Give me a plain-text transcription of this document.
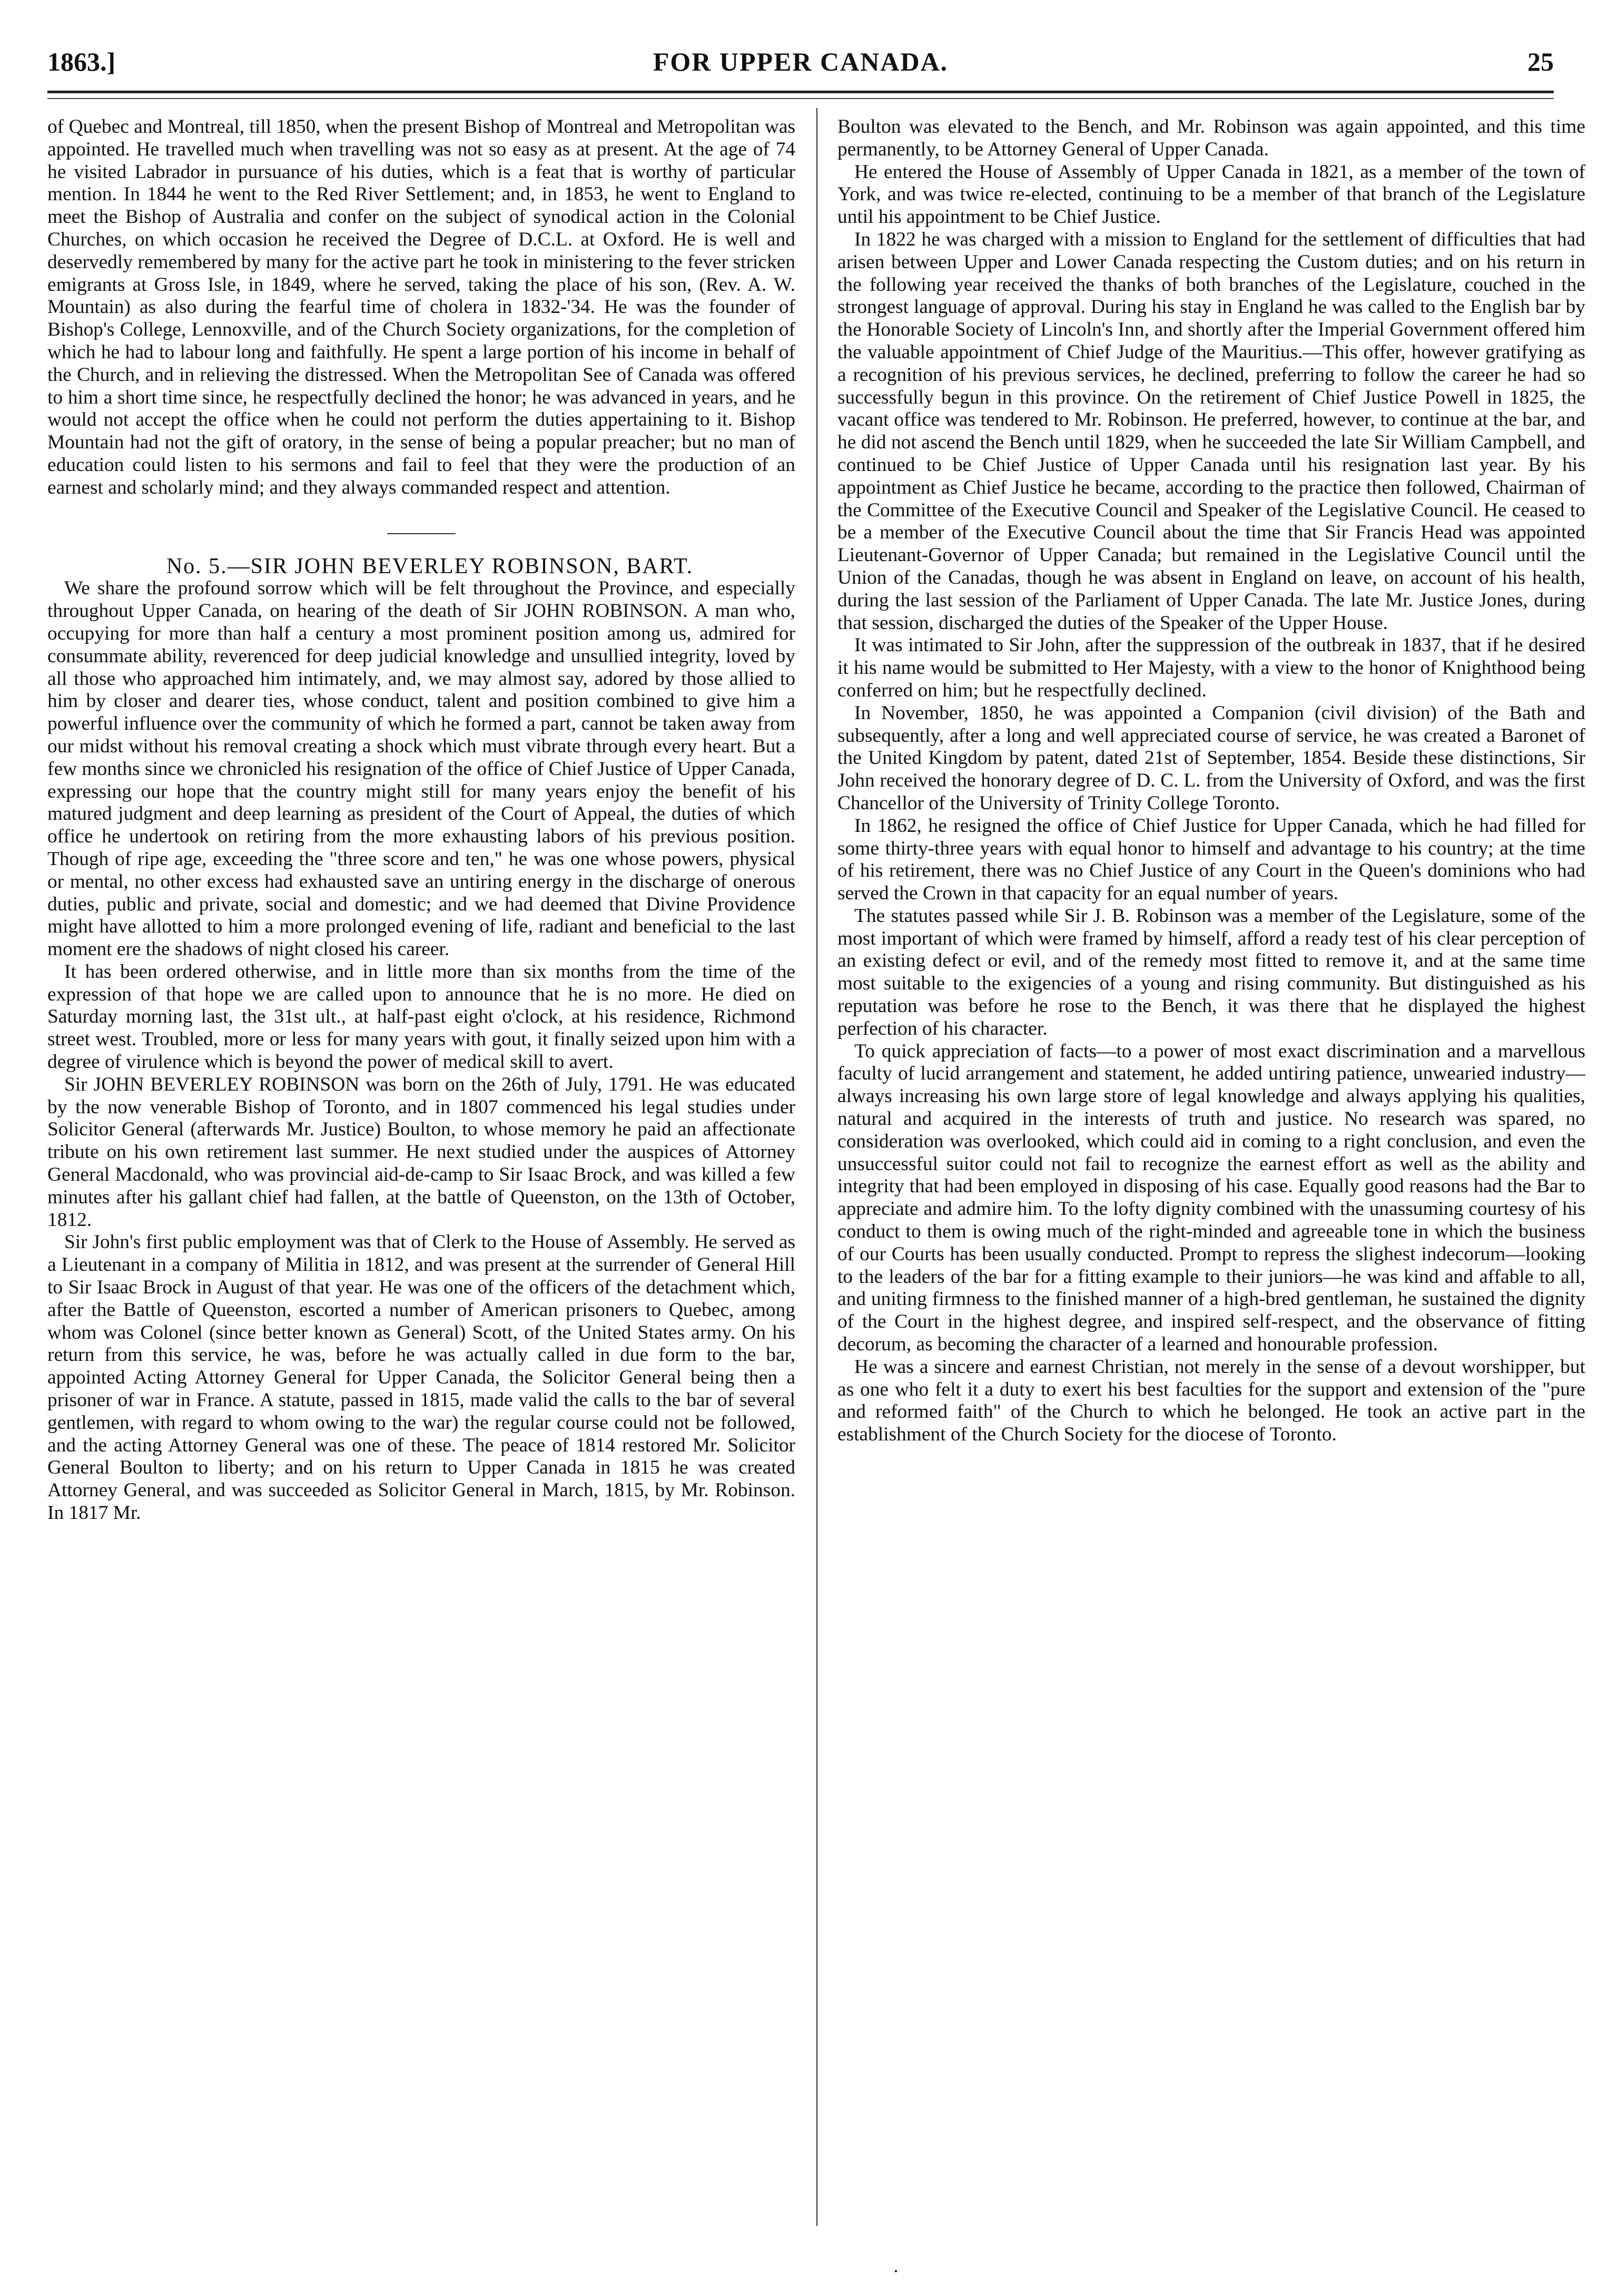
1863.]	FOR UPPER CANADA.	25

of Quebec and Montreal, till 1850, when the present Bishop of Montreal and Metropolitan was appointed. He travelled much when travelling was not so easy as at present. At the age of 74 he visited Labrador in pursuance of his duties, which is a feat that is worthy of particular mention. In 1844 he went to the Red River Settlement; and, in 1853, he went to England to meet the Bishop of Australia and confer on the subject of synodical action in the Colonial Churches, on which occasion he received the Degree of D.C.L. at Oxford. He is well and deservedly remembered by many for the active part he took in ministering to the fever stricken emigrants at Gross Isle, in 1849, where he served, taking the place of his son, (Rev. A. W. Mountain) as also during the fearful time of cholera in 1832-'34. He was the founder of Bishop's College, Lennoxville, and of the Church Society organizations, for the completion of which he had to labour long and faithfully. He spent a large portion of his income in behalf of the Church, and in relieving the distressed. When the Metropolitan See of Canada was offered to him a short time since, he respectfully declined the honor; he was advanced in years, and he would not accept the office when he could not perform the duties appertaining to it. Bishop Mountain had not the gift of oratory, in the sense of being a popular preacher; but no man of education could listen to his sermons and fail to feel that they were the production of an earnest and scholarly mind; and they always commanded respect and attention.

No. 5.—SIR JOHN BEVERLEY ROBINSON, BART.

We share the profound sorrow which will be felt throughout the Province, and especially throughout Upper Canada, on hearing of the death of Sir JOHN ROBINSON. A man who, occupying for more than half a century a most prominent position among us, admired for consummate ability, reverenced for deep judicial knowledge and unsullied integrity, loved by all those who approached him intimately, and, we may almost say, adored by those allied to him by closer and dearer ties, whose conduct, talent and position combined to give him a powerful influence over the community of which he formed a part, cannot be taken away from our midst without his removal creating a shock which must vibrate through every heart. But a few months since we chronicled his resignation of the office of Chief Justice of Upper Canada, expressing our hope that the country might still for many years enjoy the benefit of his matured judgment and deep learning as president of the Court of Appeal, the duties of which office he undertook on retiring from the more exhausting labors of his previous position. Though of ripe age, exceeding the "three score and ten," he was one whose powers, physical or mental, no other excess had exhausted save an untiring energy in the discharge of onerous duties, public and private, social and domestic; and we had deemed that Divine Providence might have allotted to him a more prolonged evening of life, radiant and beneficial to the last moment ere the shadows of night closed his career.

It has been ordered otherwise, and in little more than six months from the time of the expression of that hope we are called upon to announce that he is no more. He died on Saturday morning last, the 31st ult., at half-past eight o'clock, at his residence, Richmond street west. Troubled, more or less for many years with gout, it finally seized upon him with a degree of virulence which is beyond the power of medical skill to avert.

Sir JOHN BEVERLEY ROBINSON was born on the 26th of July, 1791. He was educated by the now venerable Bishop of Toronto, and in 1807 commenced his legal studies under Solicitor General (afterwards Mr. Justice) Boulton, to whose memory he paid an affectionate tribute on his own retirement last summer. He next studied under the auspices of Attorney General Macdonald, who was provincial aid-de-camp to Sir Isaac Brock, and was killed a few minutes after his gallant chief had fallen, at the battle of Queenston, on the 13th of October, 1812.

Sir John's first public employment was that of Clerk to the House of Assembly. He served as a Lieutenant in a company of Militia in 1812, and was present at the surrender of General Hill to Sir Isaac Brock in August of that year. He was one of the officers of the detachment which, after the Battle of Queenston, escorted a number of American prisoners to Quebec, among whom was Colonel (since better known as General) Scott, of the United States army. On his return from this service, he was, before he was actually called in due form to the bar, appointed Acting Attorney General for Upper Canada, the Solicitor General being then a prisoner of war in France. A statute, passed in 1815, made valid the calls to the bar of several gentlemen, with regard to whom owing to the war) the regular course could not be followed, and the acting Attorney General was one of these. The peace of 1814 restored Mr. Solicitor General Boulton to liberty; and on his return to Upper Canada in 1815 he was created Attorney General, and was succeeded as Solicitor General in March, 1815, by Mr. Robinson. In 1817 Mr.

Boulton was elevated to the Bench, and Mr. Robinson was again appointed, and this time permanently, to be Attorney General of Upper Canada.

He entered the House of Assembly of Upper Canada in 1821, as a member of the town of York, and was twice re-elected, continuing to be a member of that branch of the Legislature until his appointment to be Chief Justice.

In 1822 he was charged with a mission to England for the settlement of difficulties that had arisen between Upper and Lower Canada respecting the Custom duties; and on his return in the following year received the thanks of both branches of the Legislature, couched in the strongest language of approval. During his stay in England he was called to the English bar by the Honorable Society of Lincoln's Inn, and shortly after the Imperial Government offered him the valuable appointment of Chief Judge of the Mauritius.—This offer, however gratifying as a recognition of his previous services, he declined, preferring to follow the career he had so successfully begun in this province. On the retirement of Chief Justice Powell in 1825, the vacant office was tendered to Mr. Robinson. He preferred, however, to continue at the bar, and he did not ascend the Bench until 1829, when he succeeded the late Sir William Campbell, and continued to be Chief Justice of Upper Canada until his resignation last year. By his appointment as Chief Justice he became, according to the practice then followed, Chairman of the Committee of the Executive Council and Speaker of the Legislative Council. He ceased to be a member of the Executive Council about the time that Sir Francis Head was appointed Lieutenant-Governor of Upper Canada; but remained in the Legislative Council until the Union of the Canadas, though he was absent in England on leave, on account of his health, during the last session of the Parliament of Upper Canada. The late Mr. Justice Jones, during that session, discharged the duties of the Speaker of the Upper House.

It was intimated to Sir John, after the suppression of the outbreak in 1837, that if he desired it his name would be submitted to Her Majesty, with a view to the honor of Knighthood being conferred on him; but he respectfully declined.

In November, 1850, he was appointed a Companion (civil division) of the Bath and subsequently, after a long and well appreciated course of service, he was created a Baronet of the United Kingdom by patent, dated 21st of September, 1854. Beside these distinctions, Sir John received the honorary degree of D. C. L. from the University of Oxford, and was the first Chancellor of the University of Trinity College Toronto.

In 1862, he resigned the office of Chief Justice for Upper Canada, which he had filled for some thirty-three years with equal honor to himself and advantage to his country; at the time of his retirement, there was no Chief Justice of any Court in the Queen's dominions who had served the Crown in that capacity for an equal number of years.

The statutes passed while Sir J. B. Robinson was a member of the Legislature, some of the most important of which were framed by himself, afford a ready test of his clear perception of an existing defect or evil, and of the remedy most fitted to remove it, and at the same time most suitable to the exigencies of a young and rising community. But distinguished as his reputation was before he rose to the Bench, it was there that he displayed the highest perfection of his character.

To quick appreciation of facts—to a power of most exact discrimination and a marvellous faculty of lucid arrangement and statement, he added untiring patience, unwearied industry—always increasing his own large store of legal knowledge and always applying his qualities, natural and acquired in the interests of truth and justice. No research was spared, no consideration was overlooked, which could aid in coming to a right conclusion, and even the unsuccessful suitor could not fail to recognize the earnest effort as well as the ability and integrity that had been employed in disposing of his case. Equally good reasons had the Bar to appreciate and admire him. To the lofty dignity combined with the unassuming courtesy of his conduct to them is owing much of the right-minded and agreeable tone in which the business of our Courts has been usually conducted. Prompt to repress the slighest indecorum—looking to the leaders of the bar for a fitting example to their juniors—he was kind and affable to all, and uniting firmness to the finished manner of a high-bred gentleman, he sustained the dignity of the Court in the highest degree, and inspired self-respect, and the observance of fitting decorum, as becoming the character of a learned and honourable profession.

He was a sincere and earnest Christian, not merely in the sense of a devout worshipper, but as one who felt it a duty to exert his best faculties for the support and extension of the "pure and reformed faith" of the Church to which he belonged. He took an active part in the establishment of the Church Society for the diocese of Toronto.

·
